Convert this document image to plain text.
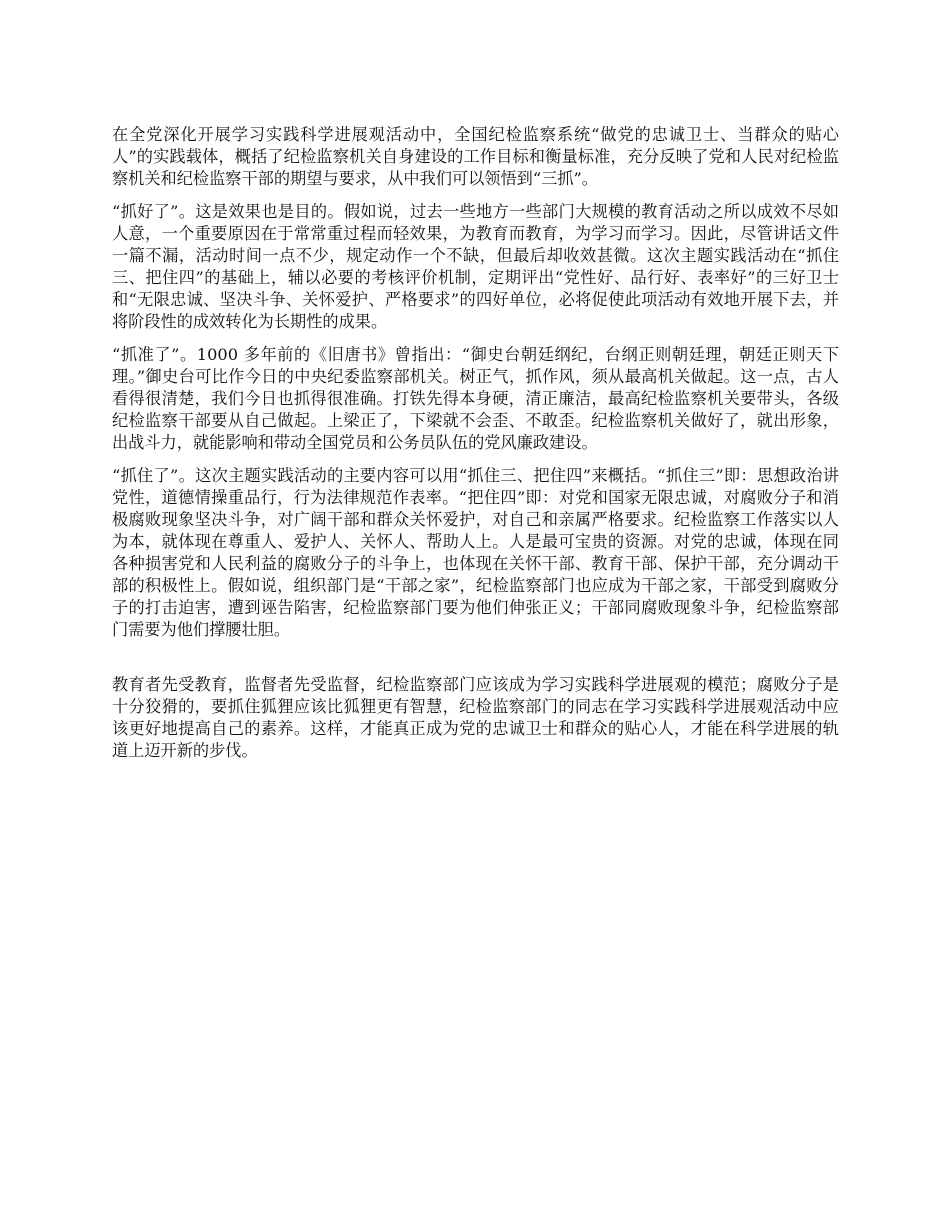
在全党深化开展学习实践科学进展观活动中，全国纪检监察系统“做党的忠诚卫士、当群众的贴心人”的实践载体，概括了纪检监察机关自身建设的工作目标和衡量标准，充分反映了党和人民对纪检监察机关和纪检监察干部的期望与要求，从中我们可以领悟到“三抓”。

“抓好了”。这是效果也是目的。假如说，过去一些地方一些部门大规模的教育活动之所以成效不尽如人意，一个重要原因在于常常重过程而轻效果，为教育而教育，为学习而学习。因此，尽管讲话文件一篇不漏，活动时间一点不少，规定动作一个不缺，但最后却收效甚微。这次主题实践活动在“抓住三、把住四”的基础上，辅以必要的考核评价机制，定期评出“党性好、品行好、表率好”的三好卫士和“无限忠诚、坚决斗争、关怀爱护、严格要求”的四好单位，必将促使此项活动有效地开展下去，并将阶段性的成效转化为长期性的成果。

“抓准了”。1000 多年前的《旧唐书》曾指出：“御史台朝廷纲纪，台纲正则朝廷理，朝廷正则天下理。”御史台可比作今日的中央纪委监察部机关。树正气，抓作风，须从最高机关做起。这一点，古人看得很清楚，我们今日也抓得很准确。打铁先得本身硬，清正廉洁，最高纪检监察机关要带头，各级纪检监察干部要从自己做起。上梁正了，下梁就不会歪、不敢歪。纪检监察机关做好了，就出形象，出战斗力，就能影响和带动全国党员和公务员队伍的党风廉政建设。

“抓住了”。这次主题实践活动的主要内容可以用“抓住三、把住四”来概括。“抓住三”即：思想政治讲党性，道德情操重品行，行为法律规范作表率。“把住四”即：对党和国家无限忠诚，对腐败分子和消极腐败现象坚决斗争，对广阔干部和群众关怀爱护，对自己和亲属严格要求。纪检监察工作落实以人为本，就体现在尊重人、爱护人、关怀人、帮助人上。人是最可宝贵的资源。对党的忠诚，体现在同各种损害党和人民利益的腐败分子的斗争上，也体现在关怀干部、教育干部、保护干部，充分调动干部的积极性上。假如说，组织部门是“干部之家”，纪检监察部门也应成为干部之家，干部受到腐败分子的打击迫害，遭到诬告陷害，纪检监察部门要为他们伸张正义；干部同腐败现象斗争，纪检监察部门需要为他们撑腰壮胆。

教育者先受教育，监督者先受监督，纪检监察部门应该成为学习实践科学进展观的模范；腐败分子是十分狡猾的，要抓住狐狸应该比狐狸更有智慧，纪检监察部门的同志在学习实践科学进展观活动中应该更好地提高自己的素养。这样，才能真正成为党的忠诚卫士和群众的贴心人，才能在科学进展的轨道上迈开新的步伐。
